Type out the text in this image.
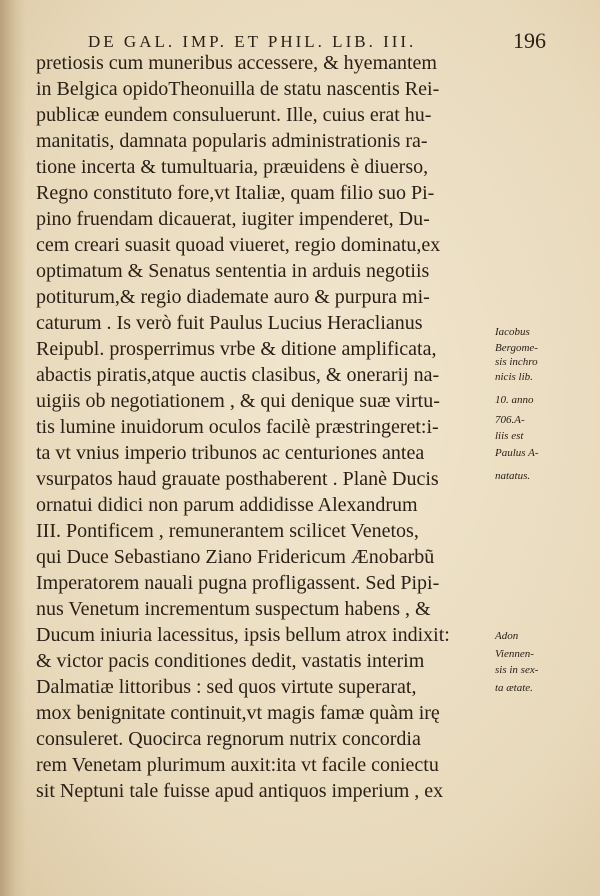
DE GAL. IMP. ET PHIL. LIB. III.	196
pretiosis cum muneribus accessere, & hyemantem
in Belgica opidoTheonuilla de statu nascentis Rei-
publicæ eundem consuluerunt. Ille, cuius erat hu-
manitatis, damnata popularis administrationis ra-
tione incerta & tumultuaria, præuidens è diuerso,
Regno constituto fore,vt Italiæ, quam filio suo Pi-
pino fruendam dicauerat, iugiter impenderet, Du-
cem creari suasit quoad viueret, regio dominatu,ex
optimatum & Senatus sententia in arduis negotiis
potiturum,& regio diademate auro & purpura mi-
caturum . Is verò fuit Paulus Lucius Heraclianus
Reipubl. prosperrimus vrbe & ditione amplificata,
abactis piratis,atque auctis clasibus, & onerarij na-
uigiis ob negotiationem , & qui denique suæ virtu-
tis lumine inuidorum oculos facilè præstringeret:i-
ta vt vnius imperio tribunos ac centuriones antea
vsurpatos haud grauate posthaberent . Planè Ducis
ornatui didici non parum addidisse Alexandrum
III. Pontificem , remunerantem scilicet Venetos,
qui Duce Sebastiano Ziano Fridericum Ænobarbũ
Imperatorem nauali pugna profligassent. Sed Pipi-
nus Venetum incrementum suspectum habens , &
Ducum iniuria lacessitus, ipsis bellum atrox indixit:
& victor pacis conditiones dedit, vastatis interim
Dalmatiæ littoribus : sed quos virtute superarat,
mox benignitate continuit,vt magis famæ quàm irę
consuleret. Quocirca regnorum nutrix concordia
rem Venetam plurimum auxit:ita vt facile coniectu
sit Neptuni tale fuisse apud antiquos imperium , ex
Iacobus
Bergome-
sis inchro
nicis lib.
10. anno
706.A-
liis est
Paulus A-
natatus.
Adon
Viennen-
sis in sex-
ta ætate.
